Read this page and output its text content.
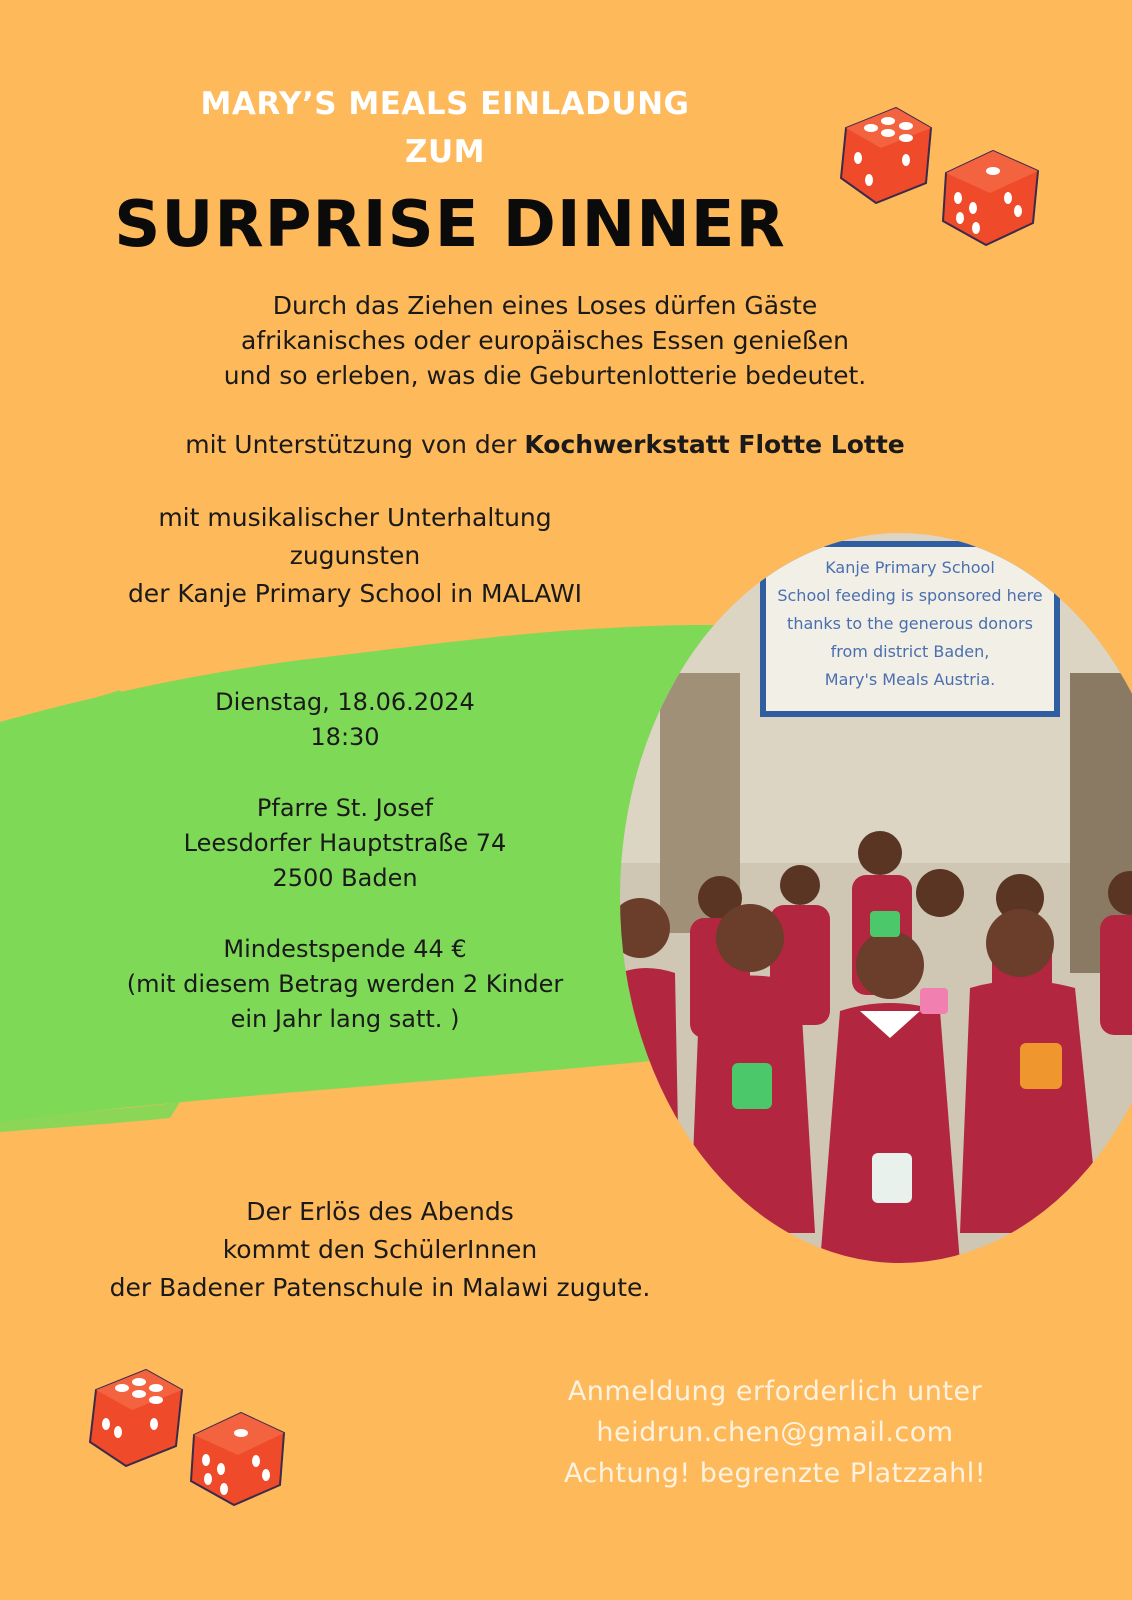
MARY’S MEALS EINLADUNG
ZUM
SURPRISE DINNER
Durch das Ziehen eines Loses dürfen Gäste
afrikanisches oder europäisches Essen genießen
und so erleben, was die Geburtenlotterie bedeutet.
mit Unterstützung von der Kochwerkstatt Flotte Lotte
mit musikalischer Unterhaltung
zugunsten
der Kanje Primary School in MALAWI
Dienstag, 18.06.2024
18:30
Pfarre St. Josef
Leesdorfer Hauptstraße 74
2500 Baden
Mindestspende 44 €
(mit diesem Betrag werden 2 Kinder
ein Jahr lang satt. )
Der Erlös des Abends
kommt den SchülerInnen
der Badener Patenschule in Malawi zugute.
Anmeldung erforderlich unter
heidrun.chen@gmail.com
Achtung! begrenzte Platzzahl!
Kanje Primary School
School feeding is sponsored here
thanks to the generous donors
from district Baden,
Mary's Meals Austria.
